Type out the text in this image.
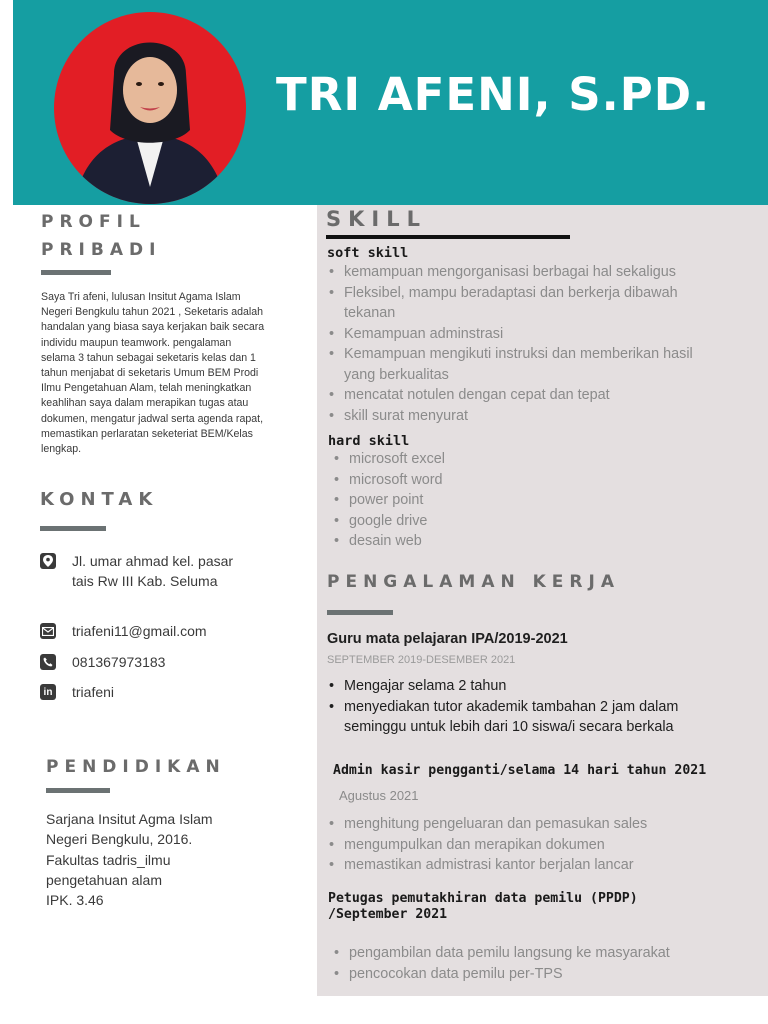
TRI AFENI, S.PD.
PROFIL
PRIBADI
Saya Tri afeni, lulusan Insitut Agama Islam Negeri Bengkulu tahun 2021 , Seketaris adalah handalan yang biasa saya kerjakan baik secara individu maupun teamwork. pengalaman selama 3 tahun sebagai seketaris kelas dan 1 tahun menjabat di seketaris Umum BEM Prodi Ilmu Pengetahuan Alam, telah meningkatkan keahlihan saya dalam merapikan tugas atau dokumen, mengatur jadwal serta agenda rapat, memastikan perlaratan seketeriat BEM/Kelas lengkap.
KONTAK
Jl. umar ahmad kel. pasar tais Rw III Kab. Seluma
triafeni11@gmail.com
081367973183
in triafeni
PENDIDIKAN
Sarjana Insitut Agma Islam
Negeri Bengkulu, 2016.
Fakultas tadris_ilmu
pengetahuan alam
IPK. 3.46
SKILL
soft skill
• kemampuan mengorganisasi berbagai hal sekaligus
• Fleksibel, mampu beradaptasi dan berkerja dibawah tekanan
• Kemampuan adminstrasi
• Kemampuan mengikuti instruksi dan memberikan hasil yang berkualitas
• mencatat notulen dengan cepat dan tepat
• skill surat menyurat
hard skill
• microsoft excel
• microsoft word
• power point
• google drive
• desain web
PENGALAMAN KERJA
Guru mata pelajaran IPA/2019-2021
SEPTEMBER 2019-DESEMBER 2021
• Mengajar selama 2 tahun
• menyediakan tutor akademik tambahan 2 jam dalam seminggu untuk lebih dari 10 siswa/i secara berkala
Admin kasir pengganti/selama 14 hari tahun 2021
Agustus 2021
• menghitung pengeluaran dan pemasukan sales
• mengumpulkan dan merapikan dokumen
• memastikan admistrasi kantor berjalan lancar
Petugas pemutakhiran data pemilu (PPDP)
/September 2021
• pengambilan data pemilu langsung ke masyarakat
• pencocokan data pemilu per-TPS
